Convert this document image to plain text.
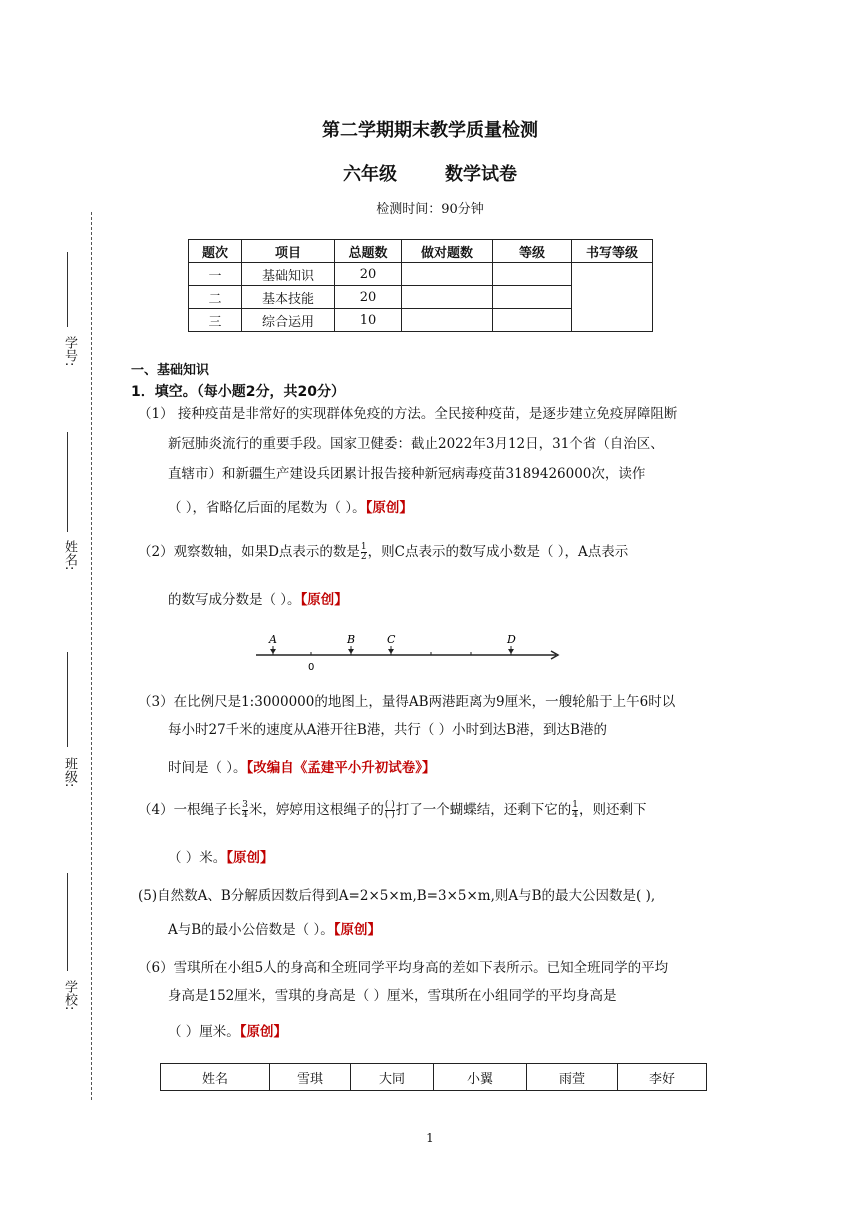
第二学期期末教学质量检测
六年级	数学试卷
检测时间：90分钟
题次	项目	总题数	做对题数	等级	书写等级
一	基础知识	20			
二	基本技能	20			
三	综合运用	10			
学号:
姓名:
班级:
学校:
一、基础知识
1．填空。（每小题2分，共20分）
（1） 接种疫苗是非常好的实现群体免疫的方法。全民接种疫苗，是逐步建立免疫屏障阻断
新冠肺炎流行的重要手段。国家卫健委：截止2022年3月12日，31个省（自治区、
直辖市）和新疆生产建设兵团累计报告接种新冠病毒疫苗3189426000次，读作
（ ），省略亿后面的尾数为（ ）。【原创】
（2）观察数轴，如果D点表示的数是 $\frac{1}{2}$ ，则C点表示的数写成小数是（ ），A点表示
的数写成分数是（ ）。【原创】
A	B	C	D
0
（3）在比例尺是1:3000000的地图上，量得AB两港距离为9厘米，一艘轮船于上午6时以
每小时27千米的速度从A港开往B港，共行（ ）小时到达B港，到达B港的
时间是（ ）。【改编自《孟建平小升初试卷》】
（4）一根绳子长 $\frac{3}{4}$ 米，婷婷用这根绳子的 $\frac{( )}{( )}$ 打了一个蝴蝶结，还剩下它的 $\frac{1}{4}$ ，则还剩下
（ ）米。【原创】
(5)自然数A、B分解质因数后得到A=2×5×m,B=3×5×m,则A与B的最大公因数是( ),
A与B的最小公倍数是（ ）。【原创】
（6）雪琪所在小组5人的身高和全班同学平均身高的差如下表所示。已知全班同学的平均
身高是152厘米，雪琪的身高是（ ）厘米，雪琪所在小组同学的平均身高是
（ ）厘米。【原创】
姓名	雪琪	大同	小翼	雨萱	李好
1
